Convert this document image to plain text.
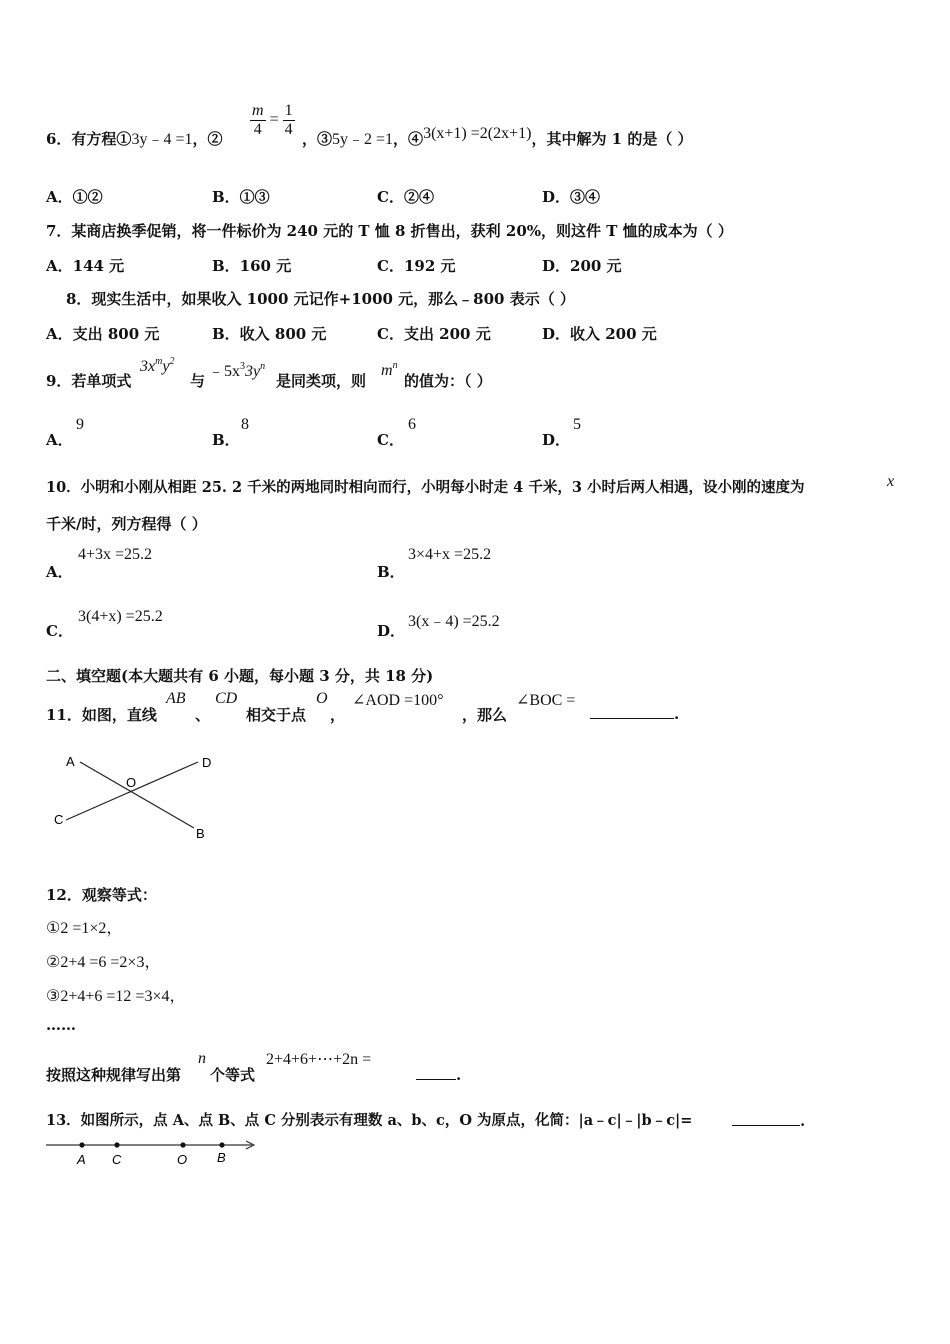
6．有方程①3y﹣4 =1，②
$\frac{m}{4} = \frac{1}{4}$
，③5y﹣2 =1，④3(x+1) =2(2x+1)，其中解为 1 的是（ ）
A．①②	B．①③	C．②④	D．③④
7．某商店换季促销，将一件标价为 240 元的 T 恤 8 折售出，获利 20%，则这件 T 恤的成本为（ ）
A．144 元	B．160 元	C．192 元	D．200 元
8．现实生活中，如果收入 1000 元记作+1000 元，那么﹣800 表示（ ）
A．支出 800 元	B．收入 800 元	C．支出 200 元	D．收入 200 元
9．若单项式
$3x^my^2$
与
$﹣5x^33y^n$
是同类项，则
$m^n$
的值为：（ ）
A．
9
B．
8
C．
6
D．
5
10．小明和小刚从相距 25. 2 千米的两地同时相向而行，小明每小时走 4 千米，3 小时后两人相遇，设小刚的速度为	x
千米/时，列方程得（ ）
A．
4+3x =25.2
B．
3×4+x =25.2
C．
3(4+x) =25.2
D．
3(x﹣4) =25.2
二、填空题(本大题共有 6 小题，每小题 3 分，共 18 分)
11．如图，直线
AB
、
CD
相交于点
O
，
∠AOD =100°
，那么
∠BOC =
.
A	D
O
C
B
12．观察等式：
①2 =1×2，
②2+4 =6 =2×3，
③2+4+6 =12 =3×4，
……
按照这种规律写出第
n
个等式
2+4+6+⋯+2n =
.
13．如图所示，点 A、点 B、点 C 分别表示有理数 a、b、c，O 为原点，化简：|a﹣c|﹣|b﹣c|=	.
A C	O B
